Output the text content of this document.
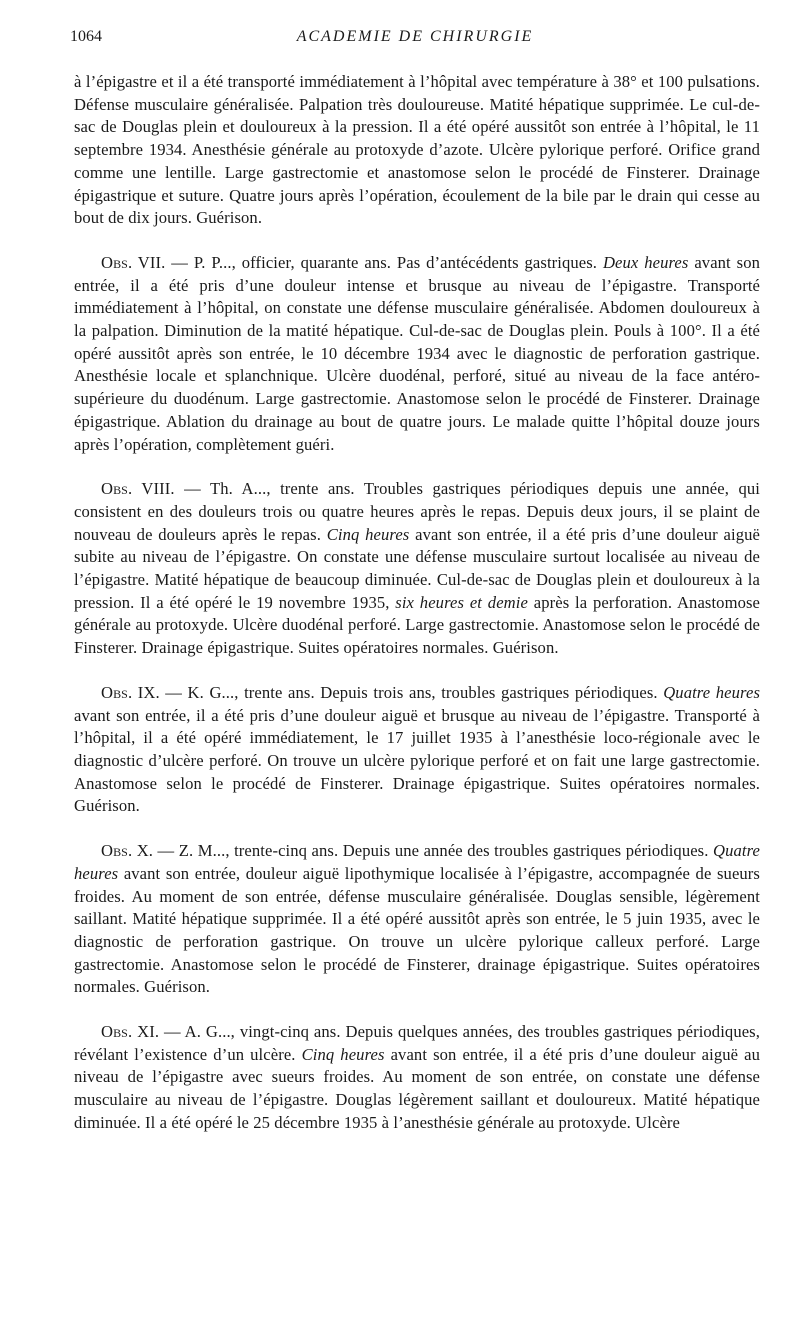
1064	ACADEMIE DE CHIRURGIE

à l’épigastre et il a été transporté immédiatement à l’hôpital avec température à 38° et 100 pulsations. Défense musculaire généralisée. Palpation très douloureuse. Matité hépatique supprimée. Le cul-de-sac de Douglas plein et douloureux à la pression. Il a été opéré aussitôt son entrée à l’hôpital, le 11 septembre 1934. Anesthésie générale au protoxyde d’azote. Ulcère pylorique perforé. Orifice grand comme une lentille. Large gastrectomie et anastomose selon le procédé de Finsterer. Drainage épigastrique et suture. Quatre jours après l’opération, écoulement de la bile par le drain qui cesse au bout de dix jours. Guérison.

Obs. VII. — P. P..., officier, quarante ans. Pas d’antécédents gastriques. Deux heures avant son entrée, il a été pris d’une douleur intense et brusque au niveau de l’épigastre. Transporté immédiatement à l’hôpital, on constate une défense musculaire généralisée. Abdomen douloureux à la palpation. Diminution de la matité hépatique. Cul-de-sac de Douglas plein. Pouls à 100°. Il a été opéré aussitôt après son entrée, le 10 décembre 1934 avec le diagnostic de perforation gastrique. Anesthésie locale et splanchnique. Ulcère duodénal, perforé, situé au niveau de la face antéro-supérieure du duodénum. Large gastrectomie. Anastomose selon le procédé de Finsterer. Drainage épigastrique. Ablation du drainage au bout de quatre jours. Le malade quitte l’hôpital douze jours après l’opération, complètement guéri.

Obs. VIII. — Th. A..., trente ans. Troubles gastriques périodiques depuis une année, qui consistent en des douleurs trois ou quatre heures après le repas. Depuis deux jours, il se plaint de nouveau de douleurs après le repas. Cinq heures avant son entrée, il a été pris d’une douleur aiguë subite au niveau de l’épigastre. On constate une défense musculaire surtout localisée au niveau de l’épigastre. Matité hépatique de beaucoup diminuée. Cul-de-sac de Douglas plein et douloureux à la pression. Il a été opéré le 19 novembre 1935, six heures et demie après la perforation. Anastomose générale au protoxyde. Ulcère duodénal perforé. Large gastrectomie. Anastomose selon le procédé de Finsterer. Drainage épigastrique. Suites opératoires normales. Guérison.

Obs. IX. — K. G..., trente ans. Depuis trois ans, troubles gastriques périodiques. Quatre heures avant son entrée, il a été pris d’une douleur aiguë et brusque au niveau de l’épigastre. Transporté à l’hôpital, il a été opéré immédiatement, le 17 juillet 1935 à l’anesthésie loco-régionale avec le diagnostic d’ulcère perforé. On trouve un ulcère pylorique perforé et on fait une large gastrectomie. Anastomose selon le procédé de Finsterer. Drainage épigastrique. Suites opératoires normales. Guérison.

Obs. X. — Z. M..., trente-cinq ans. Depuis une année des troubles gastriques périodiques. Quatre heures avant son entrée, douleur aiguë lipothymique localisée à l’épigastre, accompagnée de sueurs froides. Au moment de son entrée, défense musculaire généralisée. Douglas sensible, légèrement saillant. Matité hépatique supprimée. Il a été opéré aussitôt après son entrée, le 5 juin 1935, avec le diagnostic de perforation gastrique. On trouve un ulcère pylorique calleux perforé. Large gastrectomie. Anastomose selon le procédé de Finsterer, drainage épigastrique. Suites opératoires normales. Guérison.

Obs. XI. — A. G..., vingt-cinq ans. Depuis quelques années, des troubles gastriques périodiques, révélant l’existence d’un ulcère. Cinq heures avant son entrée, il a été pris d’une douleur aiguë au niveau de l’épigastre avec sueurs froides. Au moment de son entrée, on constate une défense musculaire au niveau de l’épigastre. Douglas légèrement saillant et douloureux. Matité hépatique diminuée. Il a été opéré le 25 décembre 1935 à l’anesthésie générale au protoxyde. Ulcère
